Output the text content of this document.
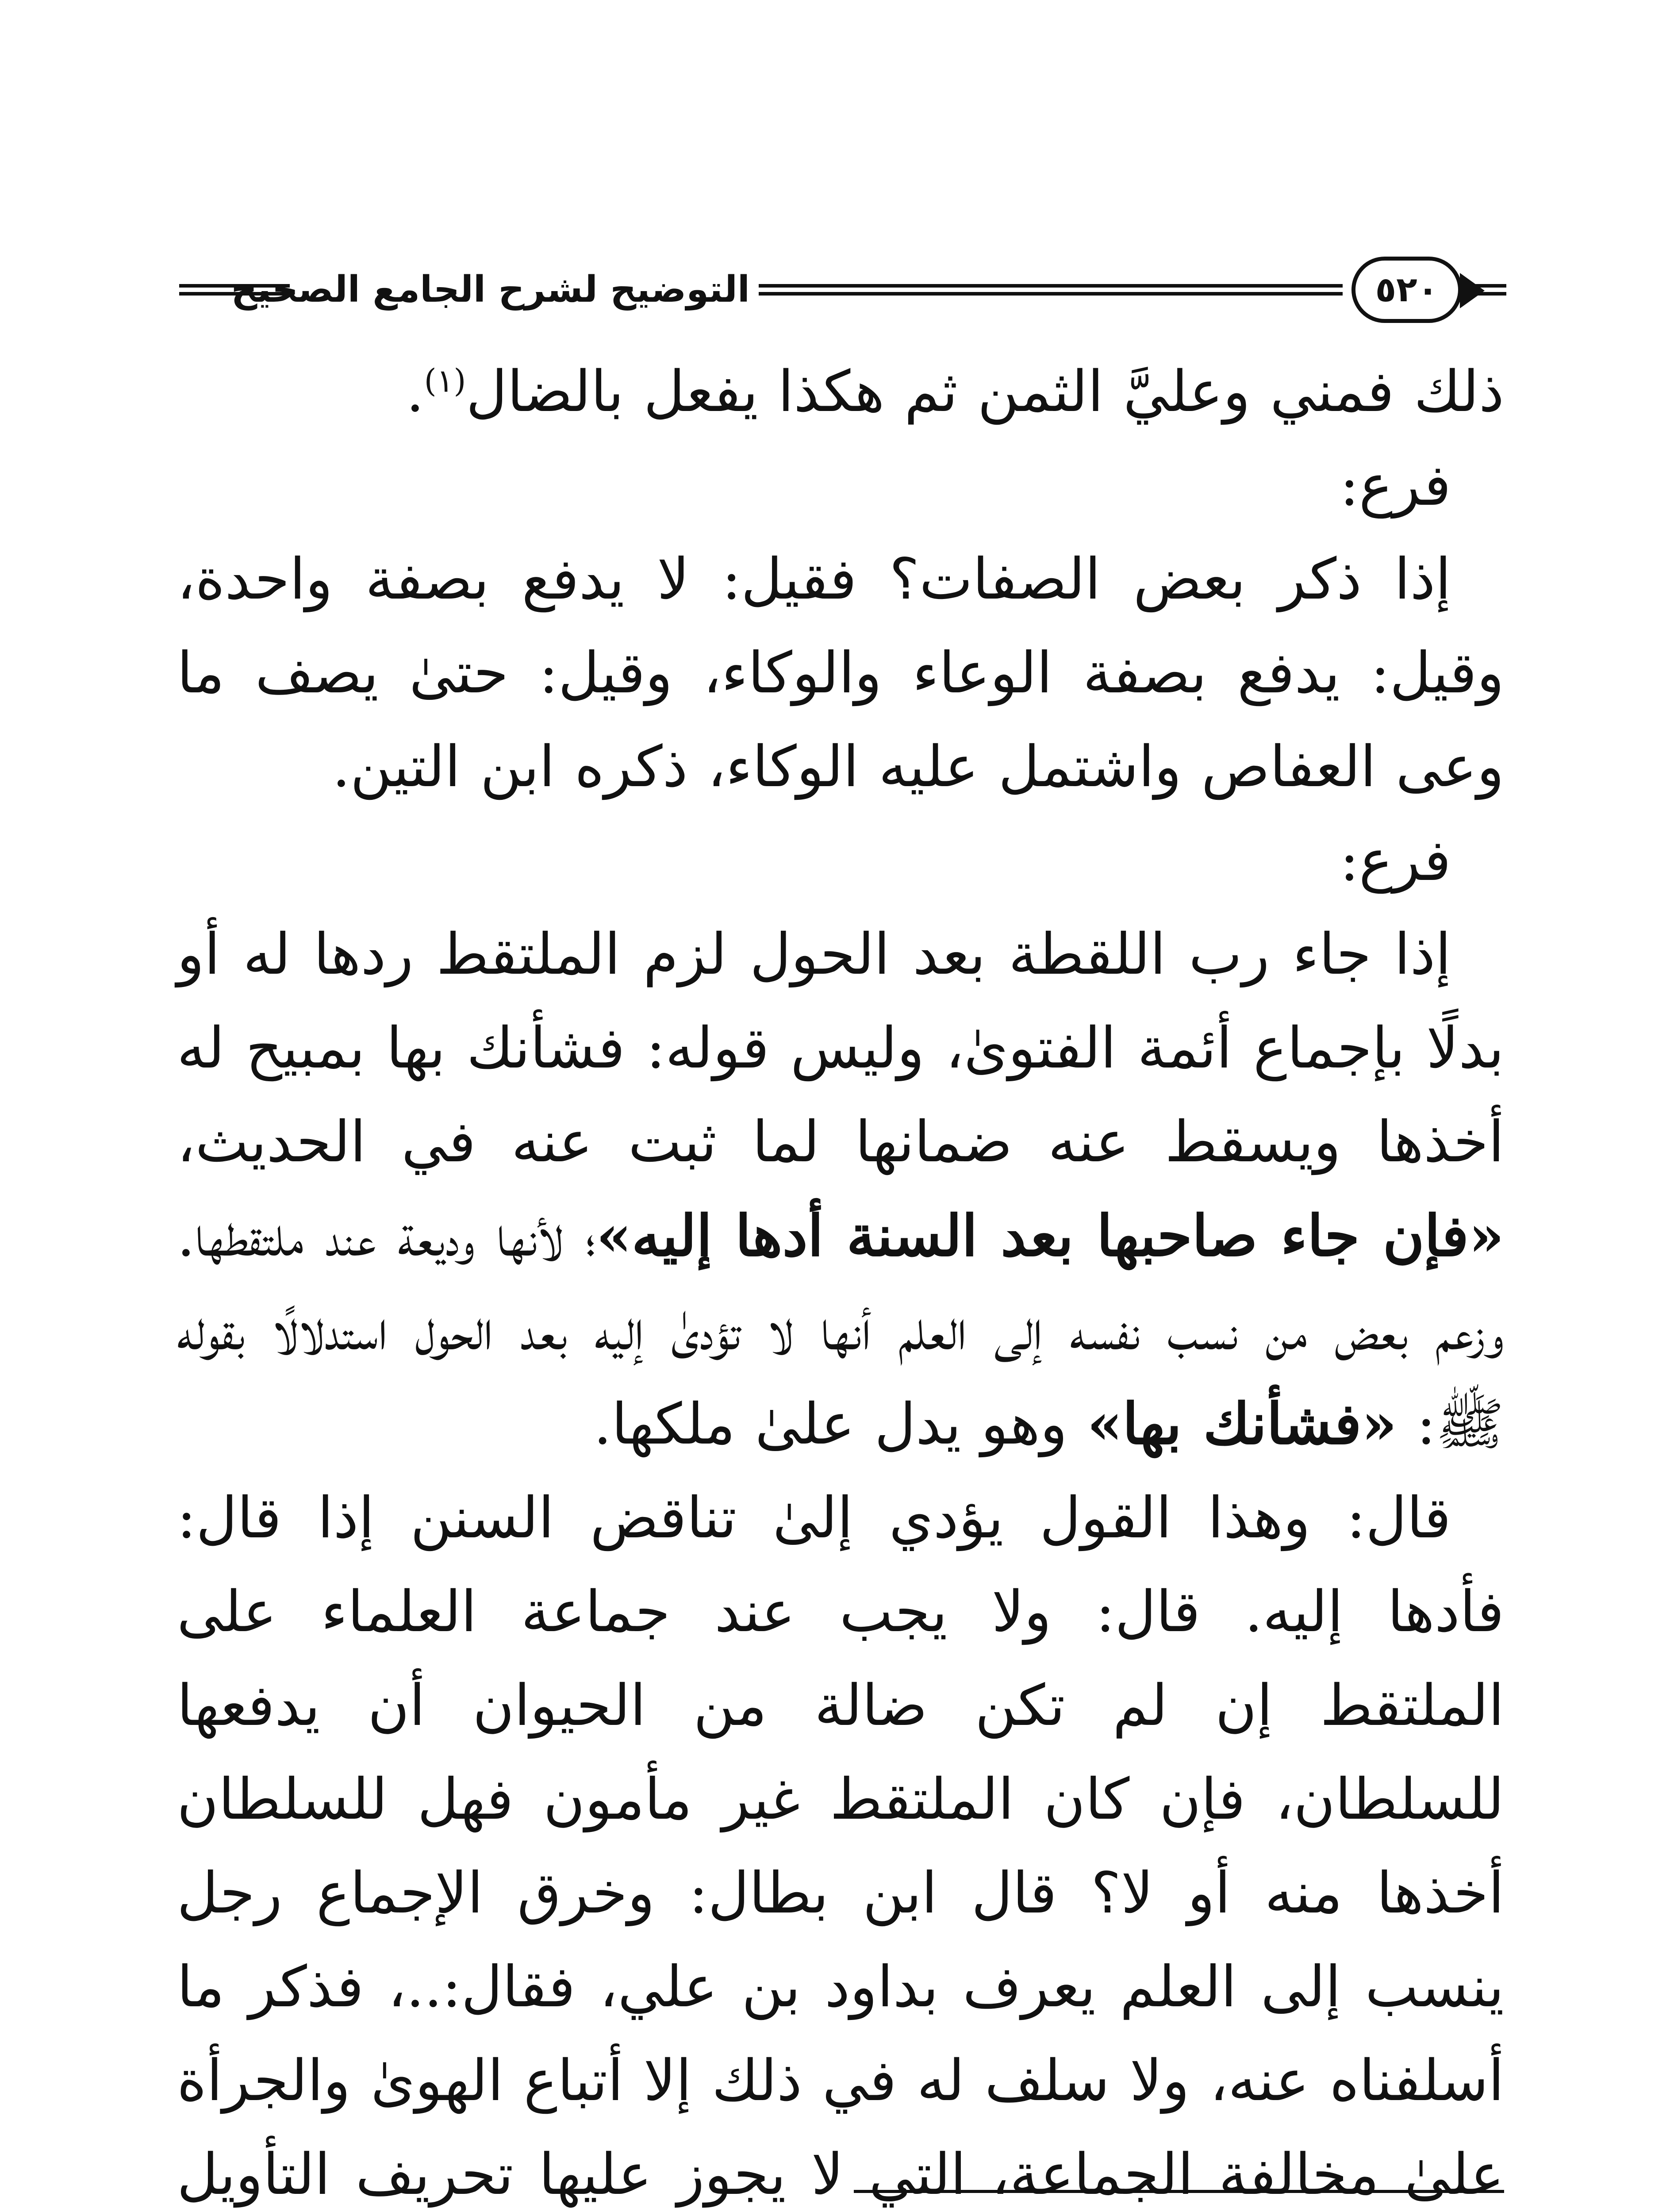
التوضيح لشرح الجامع الصحيح	٥٢٠

ذلك فمني وعليَّ الثمن ثم هكذا يفعل بالضال$^{(١)}$.

فرع:

إذا ذكر بعض الصفات؟ فقيل: لا يدفع بصفة واحدة، وقيل: يدفع بصفة الوعاء والوكاء، وقيل: حتىٰ يصف ما وعى العفاص واشتمل عليه الوكاء، ذكره ابن التين.

فرع:

إذا جاء رب اللقطة بعد الحول لزم الملتقط ردها له أو بدلًا بإجماع أئمة الفتوىٰ، وليس قوله: فشأنك بها بمبيح له أخذها ويسقط عنه ضمانها لما ثبت عنه في الحديث، «فإن جاء صاحبها بعد السنة أدها إليه»؛ لأنها وديعة عند ملتقطها. وزعم بعض من نسب نفسه إلى العلم أنها لا تؤدىٰ إليه بعد الحول استدلالًا بقوله ﷺ: «فشأنك بها» وهو يدل علىٰ ملكها.

قال: وهذا القول يؤدي إلىٰ تناقض السنن إذا قال: فأدها إليه. قال: ولا يجب عند جماعة العلماء على الملتقط إن لم تكن ضالة من الحيوان أن يدفعها للسلطان، فإن كان الملتقط غير مأمون فهل للسلطان أخذها منه أو لا؟ قال ابن بطال: وخرق الإجماع رجل ينسب إلى العلم يعرف بداود بن علي، فقال:..، فذكر ما أسلفناه عنه، ولا سلف له في ذلك إلا أتباع الهوىٰ والجرأة علىٰ مخالفة الجماعة، التي لا يجوز عليها تحريف التأويل
